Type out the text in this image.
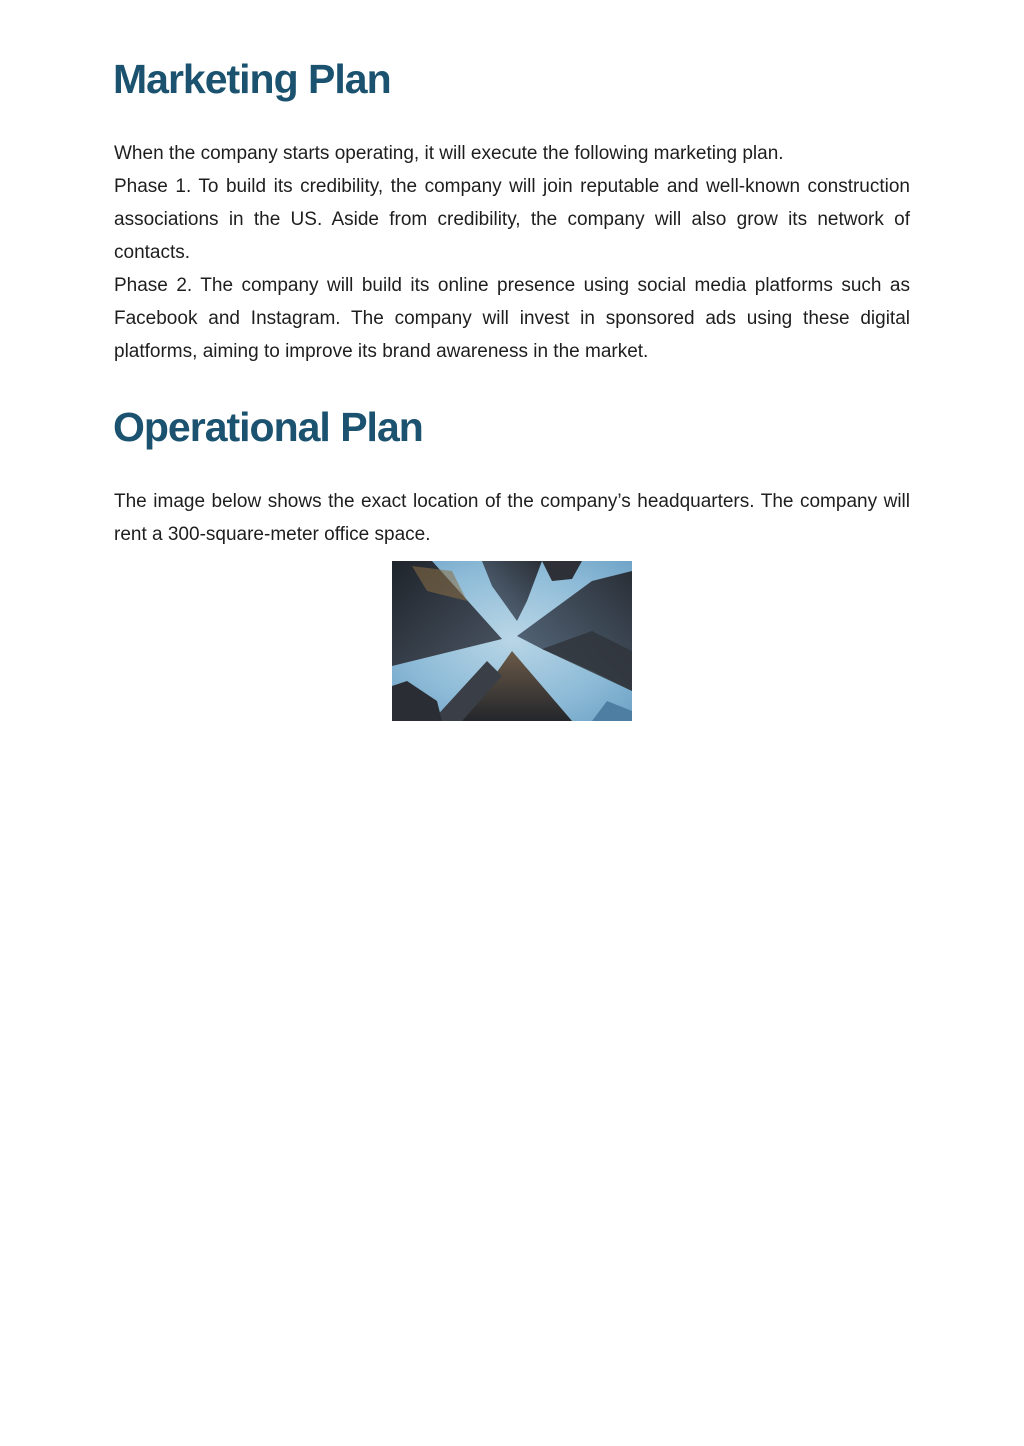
Marketing Plan

When the company starts operating, it will execute the following marketing plan.

Phase 1. To build its credibility, the company will join reputable and well-known construction associations in the US. Aside from credibility, the company will also grow its network of contacts.

Phase 2. The company will build its online presence using social media platforms such as Facebook and Instagram. The company will invest in sponsored ads using these digital platforms, aiming to improve its brand awareness in the market.

Operational Plan

The image below shows the exact location of the company’s headquarters. The company will rent a 300-square-meter office space.
